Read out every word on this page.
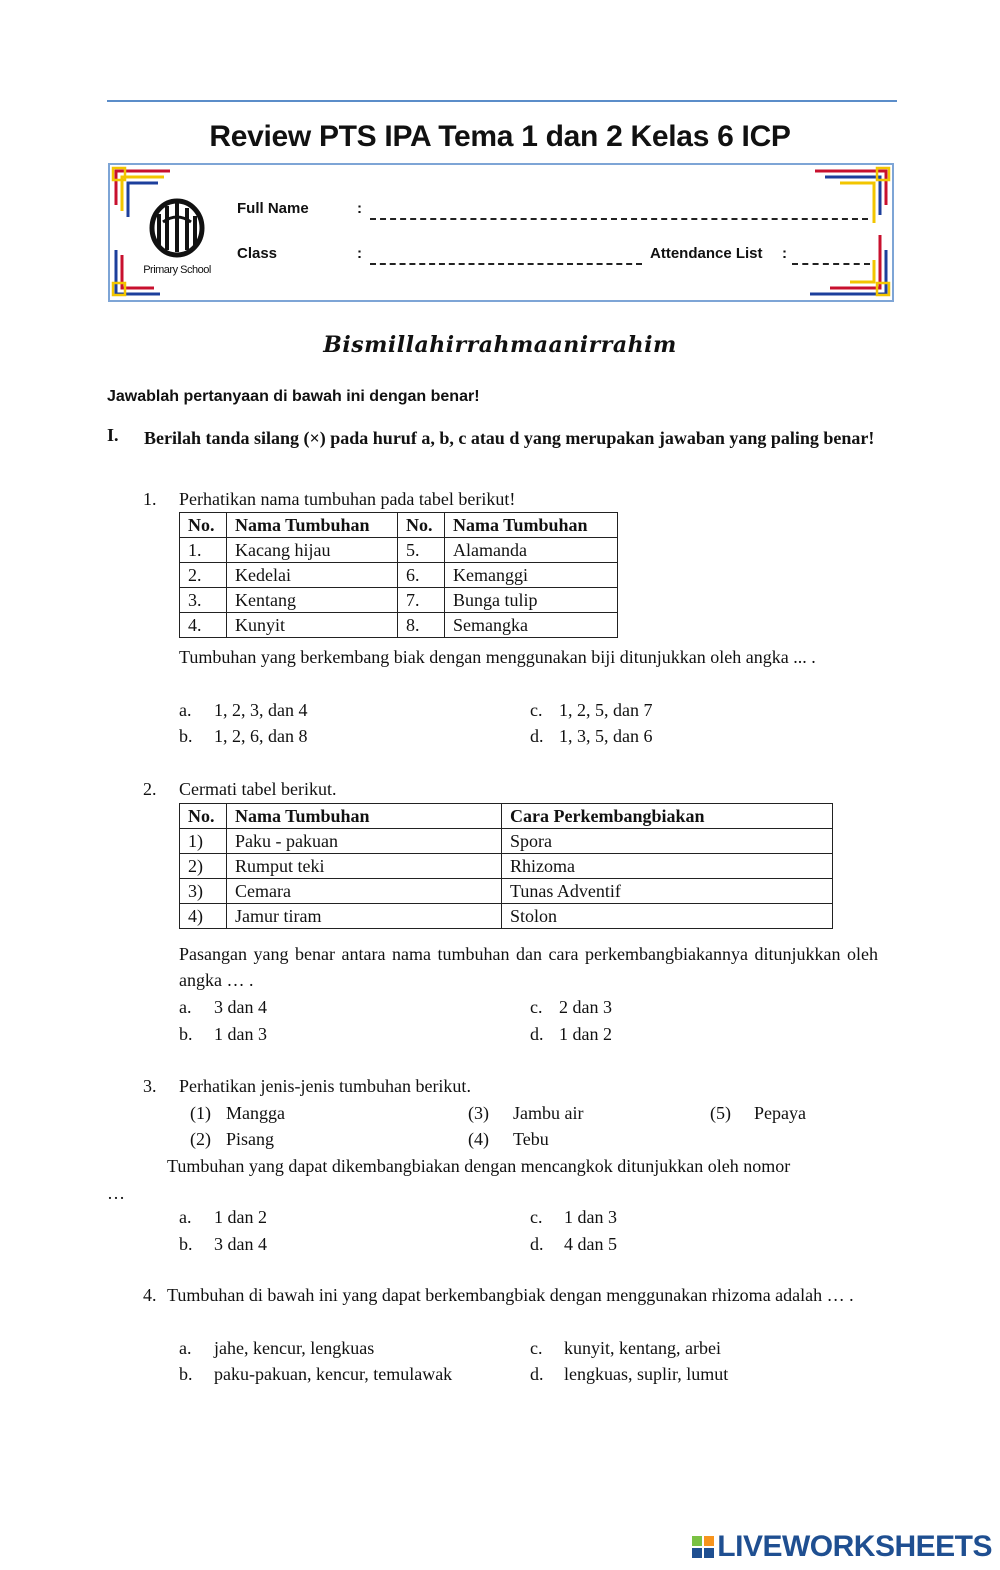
Review PTS IPA Tema 1 dan 2 Kelas 6 ICP
Primary School
Full Name	:
Class	:	Attendance List :
Bismillahirrahmaanirrahim
Jawablah pertanyaan di bawah ini dengan benar!
I. Berilah tanda silang (×) pada huruf a, b, c atau d yang merupakan jawaban yang paling benar!
1. Perhatikan nama tumbuhan pada tabel berikut!
No.	Nama Tumbuhan	No.	Nama Tumbuhan
1.	Kacang hijau	5.	Alamanda
2.	Kedelai	6.	Kemanggi
3.	Kentang	7.	Bunga tulip
4.	Kunyit	8.	Semangka
Tumbuhan yang berkembang biak dengan menggunakan biji ditunjukkan oleh angka ... .
a. 1, 2, 3, dan 4
b. 1, 2, 6, dan 8
c. 1, 2, 5, dan 7
d. 1, 3, 5, dan 6
2. Cermati tabel berikut.
No.	Nama Tumbuhan	Cara Perkembangbiakan
1)	Paku - pakuan	Spora
2)	Rumput teki	Rhizoma
3)	Cemara	Tunas Adventif
4)	Jamur tiram	Stolon
Pasangan yang benar antara nama tumbuhan dan cara perkembangbiakannya ditunjukkan oleh angka … .
a. 3 dan 4
b. 1 dan 3
c. 2 dan 3
d. 1 dan 2
3. Perhatikan jenis-jenis tumbuhan berikut.
(1) Mangga
(2) Pisang
(3) Jambu air
(4) Tebu
(5) Pepaya
Tumbuhan yang dapat dikembangbiakan dengan mencangkok ditunjukkan oleh nomor
…
a. 1 dan 2
b. 3 dan 4
c. 1 dan 3
d. 4 dan 5
4. Tumbuhan di bawah ini yang dapat berkembangbiak dengan menggunakan rhizoma adalah … .
a. jahe, kencur, lengkuas
b. paku-pakuan, kencur, temulawak
c. kunyit, kentang, arbei
d. lengkuas, suplir, lumut
LIVEWORKSHEETS
